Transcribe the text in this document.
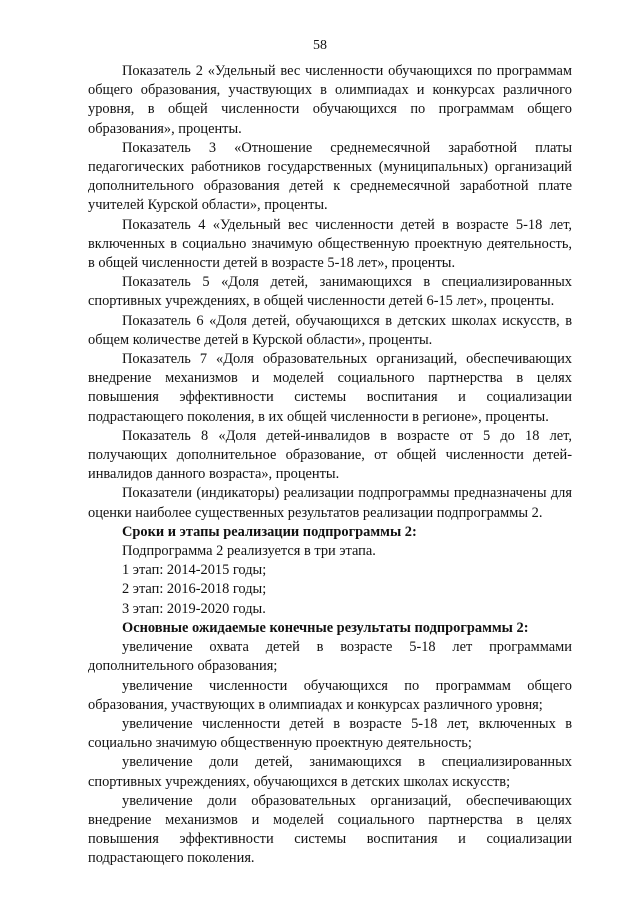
58

Показатель 2 «Удельный вес численности обучающихся по программам общего образования, участвующих в олимпиадах и конкурсах различного уровня, в общей численности обучающихся по программам общего образования», проценты.

Показатель 3 «Отношение среднемесячной заработной платы педагогических работников государственных (муниципальных) организаций дополнительного образования детей к среднемесячной заработной плате учителей Курской области», проценты.

Показатель 4 «Удельный вес численности детей в возрасте 5-18 лет, включенных в социально значимую общественную проектную деятельность, в общей численности детей в возрасте 5-18 лет», проценты.

Показатель 5 «Доля детей, занимающихся в специализированных спортивных учреждениях, в общей численности детей 6-15 лет», проценты.

Показатель 6 «Доля детей, обучающихся в детских школах искусств, в общем количестве детей в Курской области», проценты.

Показатель 7 «Доля образовательных организаций, обеспечивающих внедрение механизмов и моделей социального партнерства в целях повышения эффективности системы воспитания и социализации подрастающего поколения, в их общей численности в регионе», проценты.

Показатель 8 «Доля детей-инвалидов в возрасте от 5 до 18 лет, получающих дополнительное образование, от общей численности детей-инвалидов данного возраста», проценты.

Показатели (индикаторы) реализации подпрограммы предназначены для оценки наиболее существенных результатов реализации подпрограммы 2.

Сроки и этапы реализации подпрограммы 2:

Подпрограмма 2 реализуется в три этапа.

1 этап: 2014-2015 годы;

2 этап: 2016-2018 годы;

3 этап: 2019-2020 годы.

Основные ожидаемые конечные результаты подпрограммы 2:

увеличение охвата детей в возрасте 5-18 лет программами дополнительного образования;

увеличение численности обучающихся по программам общего образования, участвующих в олимпиадах и конкурсах различного уровня;

увеличение численности детей в возрасте 5-18 лет, включенных в социально значимую общественную проектную деятельность;

увеличение доли детей, занимающихся в специализированных спортивных учреждениях, обучающихся в детских школах искусств;

увеличение доли образовательных организаций, обеспечивающих внедрение механизмов и моделей социального партнерства в целях повышения эффективности системы воспитания и социализации подрастающего поколения.
